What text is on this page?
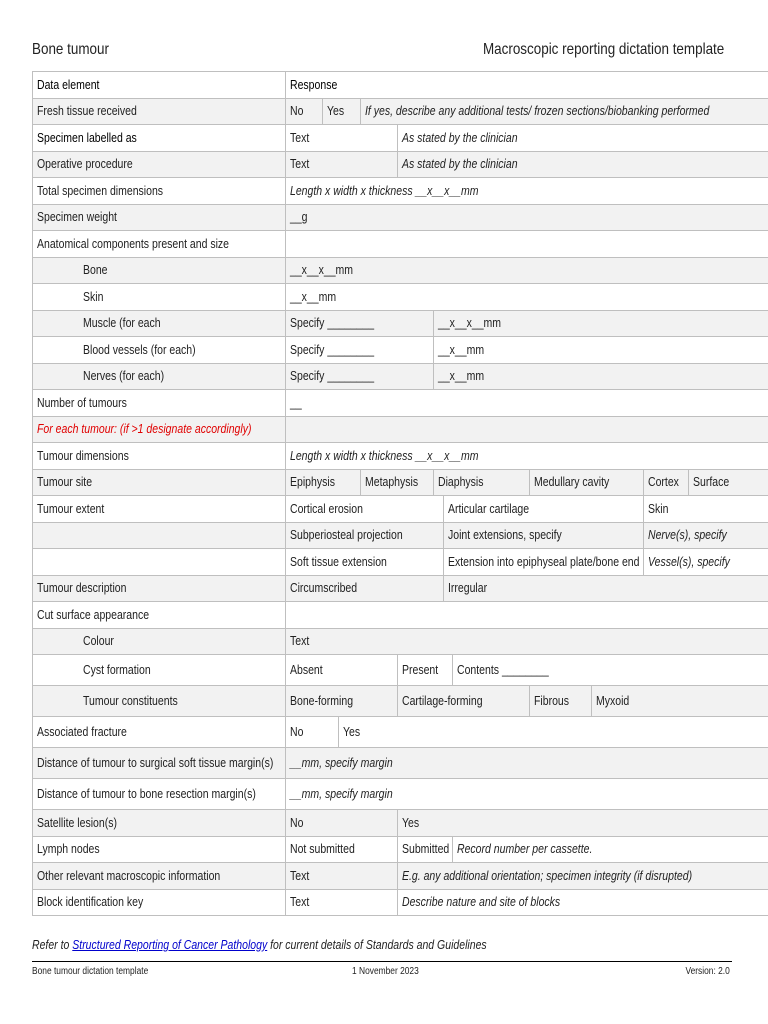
Bone tumour	Macroscopic reporting dictation template
Data element	Response											
Fresh tissue received	No	Yes		If yes, describe any additional tests/ frozen sections/biobanking performed								
Specimen labelled as	Text				As stated by the clinician							
Operative procedure	Text				As stated by the clinician							
Total specimen dimensions	Length x width x thickness __x__x__mm											
Specimen weight	__g											
Anatomical components present and size												
Bone	__x__x__mm											
Skin	__x__mm											
Muscle (for each	Specify ________					__x__x__mm						
Blood vessels (for each)	Specify ________					__x__mm						
Nerves (for each)	Specify ________					__x__mm						
Number of tumours	__											
For each tumour: (if >1 designate accordingly)												
Tumour dimensions	Length x width x thickness __x__x__mm											
Tumour site	Epiphysis			Metaphysis		Diaphysis			Medullary cavity		Cortex	Surface
Tumour extent	Cortical erosion						Articular cartilage				Skin	
	Subperiosteal projection						Joint extensions, specify				Nerve(s), specify	
	Soft tissue extension						Extension into epiphyseal plate/bone end				Vessel(s), specify	
Tumour description	Circumscribed						Irregular					
Cut surface appearance												
Colour	Text											
Cyst formation	Absent				Present			Contents ________				
Tumour constituents	Bone-forming				Cartilage-forming				Fibrous	Myxoid		
Associated fracture	No		Yes									
Distance of tumour to surgical soft tissue margin(s)	__mm, specify margin											
Distance of tumour to bone resection margin(s)	__mm, specify margin											
Satellite lesion(s)	No				Yes							
Lymph nodes	Not submitted				Submitted			Record number per cassette.				
Other relevant macroscopic information	Text				E.g. any additional orientation; specimen integrity (if disrupted)							
Block identification key	Text				Describe nature and site of blocks							
Refer to Structured Reporting of Cancer Pathology for current details of Standards and Guidelines
Bone tumour dictation template	1 November 2023	Version: 2.0
